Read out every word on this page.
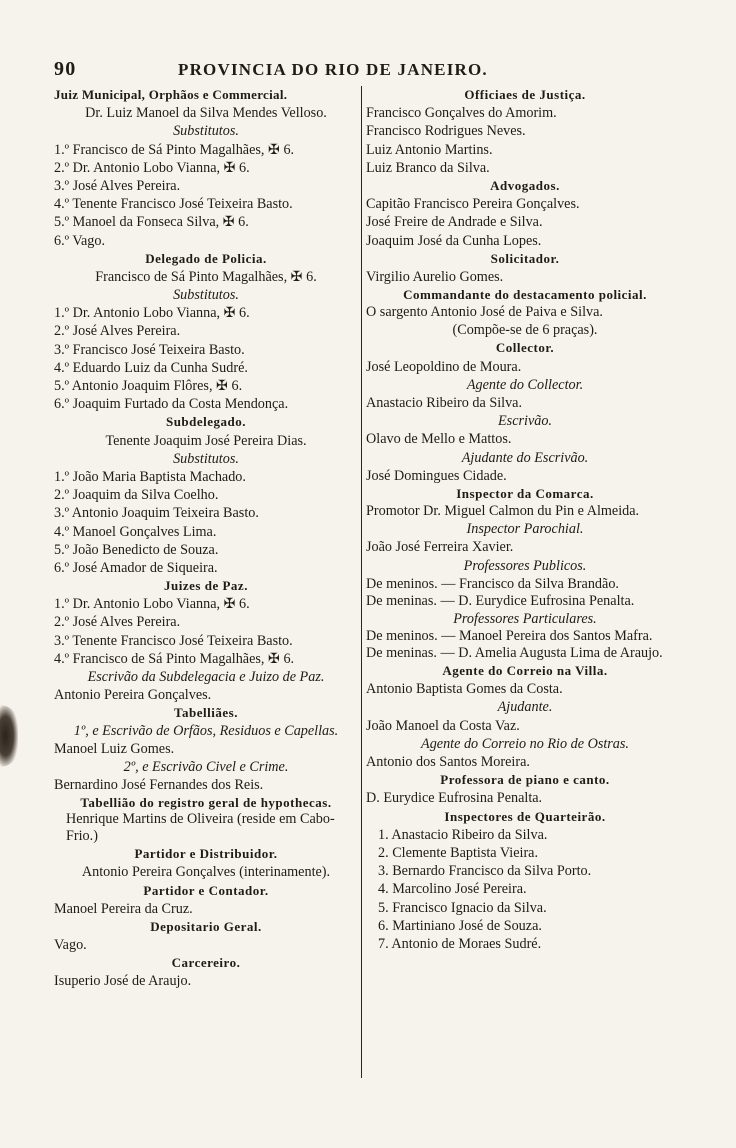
90	PROVINCIA DO RIO DE JANEIRO.
Juiz Municipal, Orphãos e Commercial.
Dr. Luiz Manoel da Silva Mendes Velloso.
Substitutos.
1.º Francisco de Sá Pinto Magalhães, ✠ 6.
2.º Dr. Antonio Lobo Vianna, ✠ 6.
3.º José Alves Pereira.
4.º Tenente Francisco José Teixeira Basto.
5.º Manoel da Fonseca Silva, ✠ 6.
6.º Vago.
Delegado de Policia.
Francisco de Sá Pinto Magalhães, ✠ 6.
Substitutos.
1.º Dr. Antonio Lobo Vianna, ✠ 6.
2.º José Alves Pereira.
3.º Francisco José Teixeira Basto.
4.º Eduardo Luiz da Cunha Sudré.
5.º Antonio Joaquim Flôres, ✠ 6.
6.º Joaquim Furtado da Costa Mendonça.
Subdelegado.
Tenente Joaquim José Pereira Dias.
Substitutos.
1.º João Maria Baptista Machado.
2.º Joaquim da Silva Coelho.
3.º Antonio Joaquim Teixeira Basto.
4.º Manoel Gonçalves Lima.
5.º João Benedicto de Souza.
6.º José Amador de Siqueira.
Juizes de Paz.
1.º Dr. Antonio Lobo Vianna, ✠ 6.
2.º José Alves Pereira.
3.º Tenente Francisco José Teixeira Basto.
4.º Francisco de Sá Pinto Magalhães, ✠ 6.
Escrivão da Subdelegacia e Juizo de Paz.
Antonio Pereira Gonçalves.
Tabelliães.
1º, e Escrivão de Orfãos, Residuos e Capellas.
Manoel Luiz Gomes.
2º, e Escrivão Civel e Crime.
Bernardino José Fernandes dos Reis.
Tabellião do registro geral de hypothecas.
Henrique Martins de Oliveira (reside em Cabo-Frio.)
Partidor e Distribuidor.
Antonio Pereira Gonçalves (interinamente).
Partidor e Contador.
Manoel Pereira da Cruz.
Depositario Geral.
Vago.
Carcereiro.
Isuperio José de Araujo.
Officiaes de Justiça.
Francisco Gonçalves do Amorim.
Francisco Rodrigues Neves.
Luiz Antonio Martins.
Luiz Branco da Silva.
Advogados.
Capitão Francisco Pereira Gonçalves.
José Freire de Andrade e Silva.
Joaquim José da Cunha Lopes.
Solicitador.
Virgilio Aurelio Gomes.
Commandante do destacamento policial.
O sargento Antonio José de Paiva e Silva.
(Compõe-se de 6 praças).
Collector.
José Leopoldino de Moura.
Agente do Collector.
Anastacio Ribeiro da Silva.
Escrivão.
Olavo de Mello e Mattos.
Ajudante do Escrivão.
José Domingues Cidade.
Inspector da Comarca.
Promotor Dr. Miguel Calmon du Pin e Almeida.
Inspector Parochial.
João José Ferreira Xavier.
Professores Publicos.
De meninos. — Francisco da Silva Brandão.
De meninas. — D. Eurydice Eufrosina Penalta.
Professores Particulares.
De meninos. — Manoel Pereira dos Santos Mafra.
De meninas. — D. Amelia Augusta Lima de Araujo.
Agente do Correio na Villa.
Antonio Baptista Gomes da Costa.
Ajudante.
João Manoel da Costa Vaz.
Agente do Correio no Rio de Ostras.
Antonio dos Santos Moreira.
Professora de piano e canto.
D. Eurydice Eufrosina Penalta.
Inspectores de Quarteirão.
1. Anastacio Ribeiro da Silva.
2. Clemente Baptista Vieira.
3. Bernardo Francisco da Silva Porto.
4. Marcolino José Pereira.
5. Francisco Ignacio da Silva.
6. Martiniano José de Souza.
7. Antonio de Moraes Sudré.
